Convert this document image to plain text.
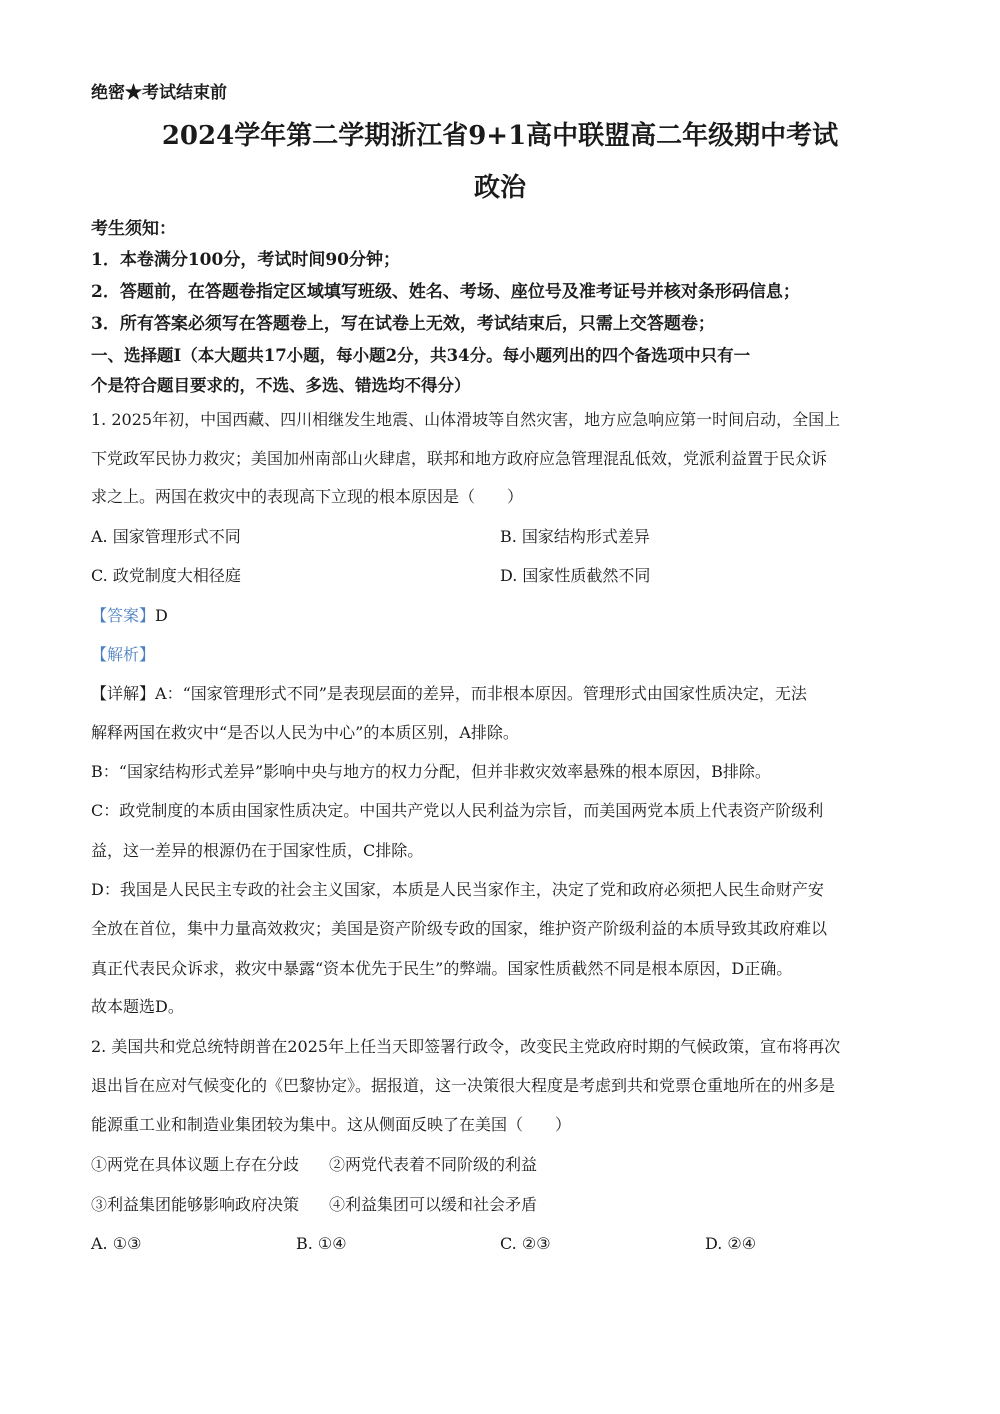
绝密★考试结束前
2024学年第二学期浙江省9+1高中联盟高二年级期中考试
政治
考生须知：
1．本卷满分100分，考试时间90分钟；
2．答题前，在答题卷指定区域填写班级、姓名、考场、座位号及准考证号并核对条形码信息；
3．所有答案必须写在答题卷上，写在试卷上无效，考试结束后，只需上交答题卷；
一、选择题Ⅰ（本大题共17小题，每小题2分，共34分。每小题列出的四个备选项中只有一
个是符合题目要求的，不选、多选、错选均不得分）
1. 2025年初，中国西藏、四川相继发生地震、山体滑坡等自然灾害，地方应急响应第一时间启动，全国上
下党政军民协力救灾；美国加州南部山火肆虐，联邦和地方政府应急管理混乱低效，党派利益置于民众诉
求之上。两国在救灾中的表现高下立现的根本原因是（　　）
A. 国家管理形式不同	B. 国家结构形式差异
C. 政党制度大相径庭	D. 国家性质截然不同
【答案】D
【解析】
【详解】A：“国家管理形式不同”是表现层面的差异，而非根本原因。管理形式由国家性质决定，无法
解释两国在救灾中“是否以人民为中心”的本质区别，A排除。
B：“国家结构形式差异”影响中央与地方的权力分配，但并非救灾效率悬殊的根本原因，B排除。
C：政党制度的本质由国家性质决定。中国共产党以人民利益为宗旨，而美国两党本质上代表资产阶级利
益，这一差异的根源仍在于国家性质，C排除。
D：我国是人民民主专政的社会主义国家，本质是人民当家作主，决定了党和政府必须把人民生命财产安
全放在首位，集中力量高效救灾；美国是资产阶级专政的国家，维护资产阶级利益的本质导致其政府难以
真正代表民众诉求，救灾中暴露“资本优先于民生”的弊端。国家性质截然不同是根本原因，D正确。
故本题选D。
2. 美国共和党总统特朗普在2025年上任当天即签署行政令，改变民主党政府时期的气候政策，宣布将再次
退出旨在应对气候变化的《巴黎协定》。据报道，这一决策很大程度是考虑到共和党票仓重地所在的州多是
能源重工业和制造业集团较为集中。这从侧面反映了在美国（　　）
①两党在具体议题上存在分歧 ②两党代表着不同阶级的利益
③利益集团能够影响政府决策 ④利益集团可以缓和社会矛盾
A. ①③	B. ①④	C. ②③	D. ②④
